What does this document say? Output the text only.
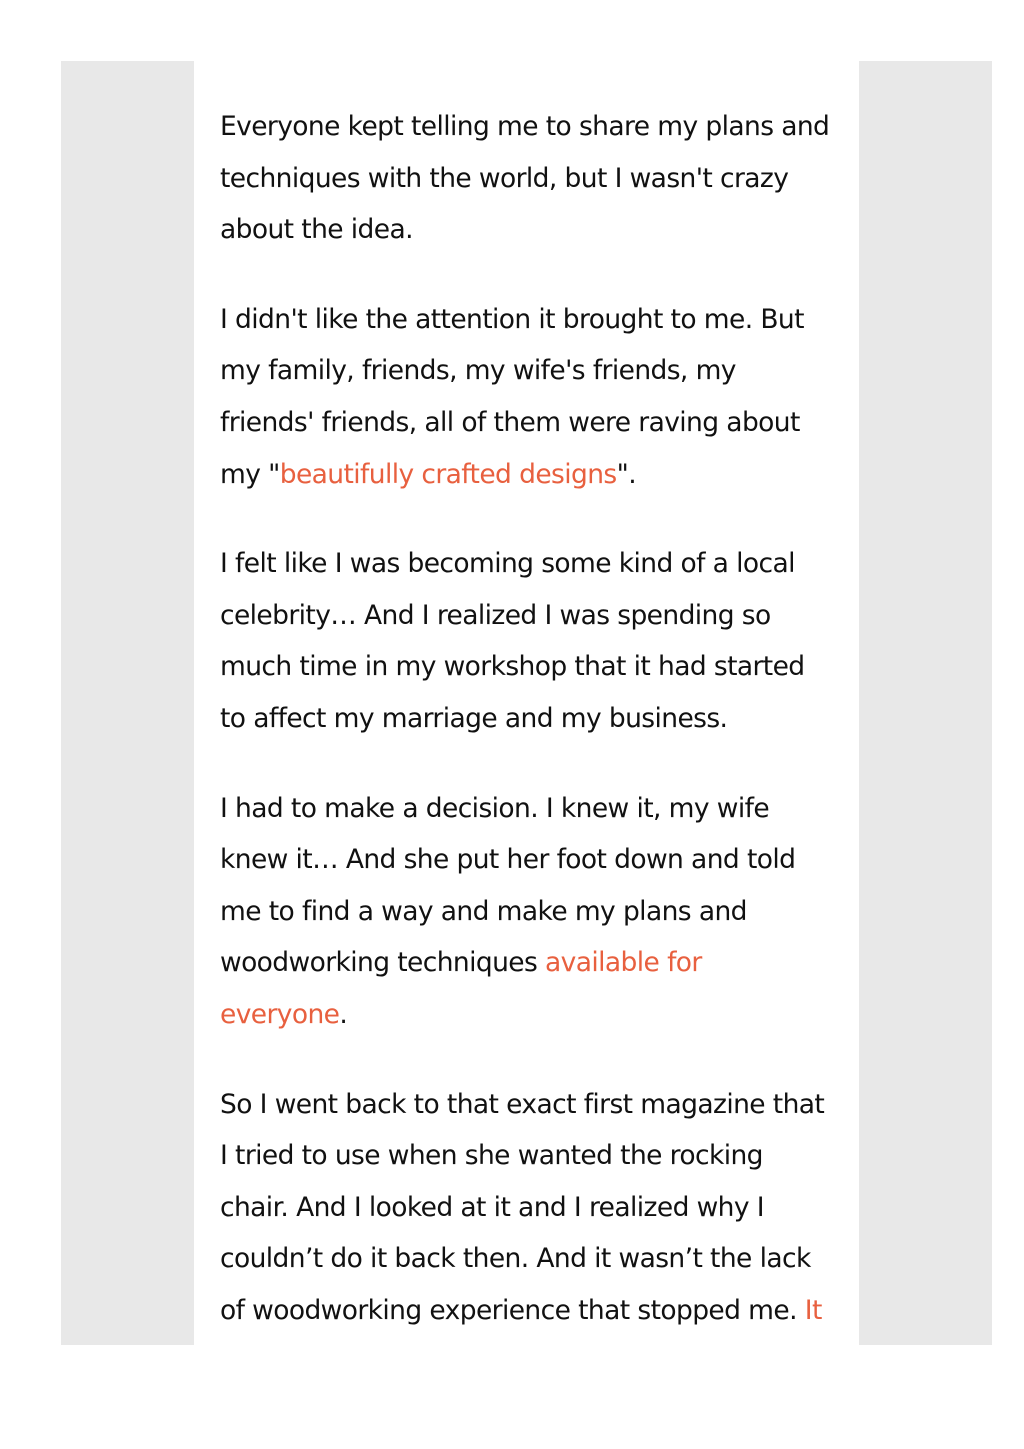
Everyone kept telling me to share my plans and techniques with the world, but I wasn't crazy about the idea.

I didn't like the attention it brought to me. But my family, friends, my wife's friends, my friends' friends, all of them were raving about my "beautifully crafted designs".

I felt like I was becoming some kind of a local celebrity… And I realized I was spending so much time in my workshop that it had started to affect my marriage and my business.

I had to make a decision. I knew it, my wife knew it… And she put her foot down and told me to find a way and make my plans and woodworking techniques available for everyone.

So I went back to that exact first magazine that I tried to use when she wanted the rocking chair. And I looked at it and I realized why I couldn’t do it back then. And it wasn’t the lack of woodworking experience that stopped me. It
